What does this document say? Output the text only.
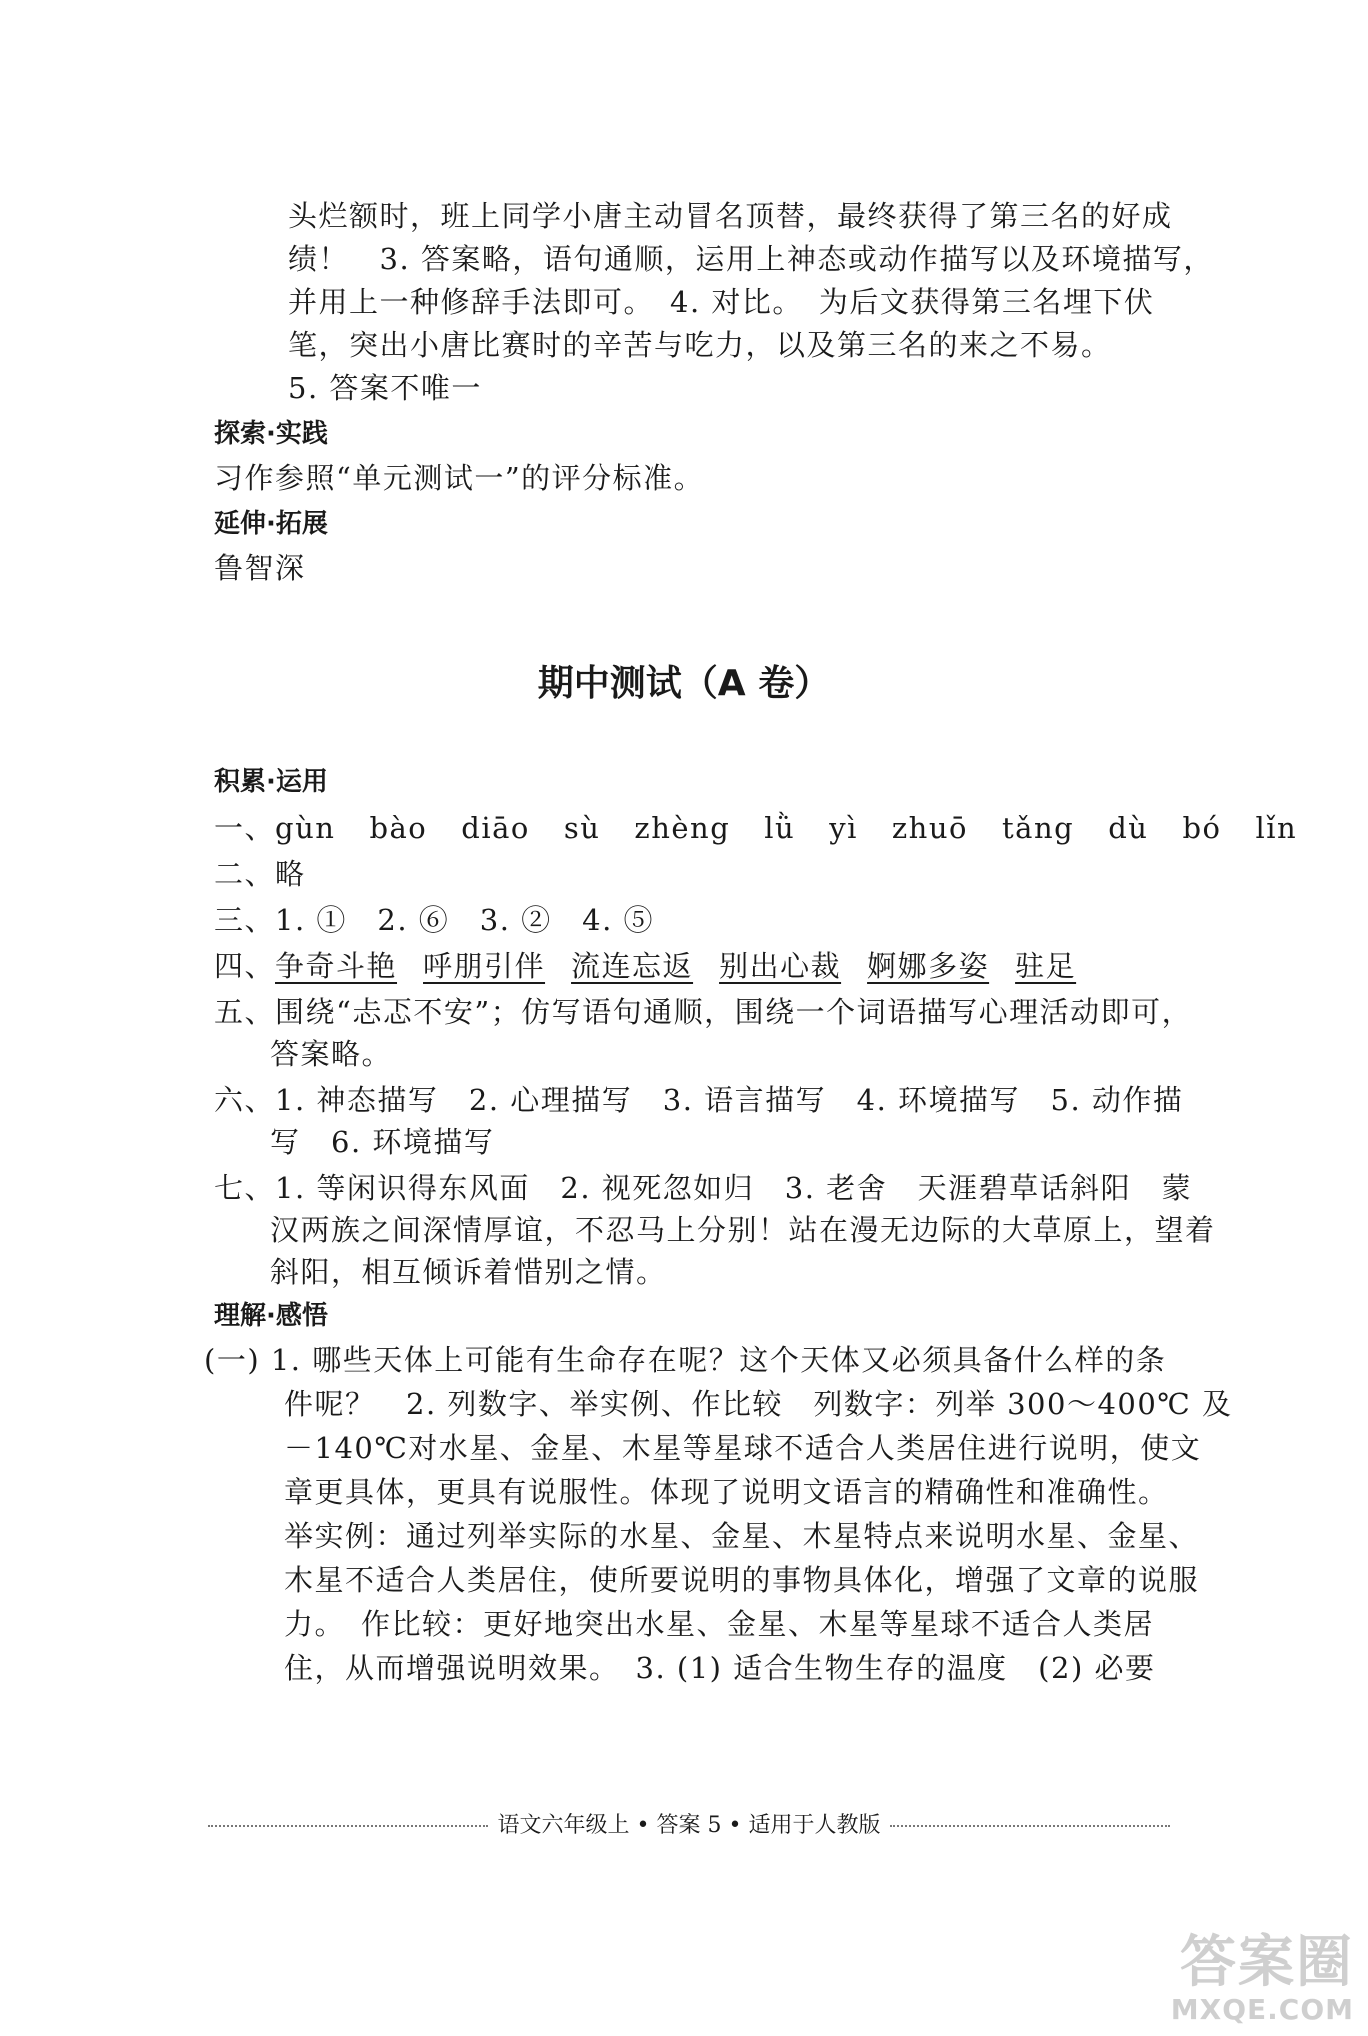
头烂额时，班上同学小唐主动冒名顶替，最终获得了第三名的好成
绩！　3. 答案略，语句通顺，运用上神态或动作描写以及环境描写，
并用上一种修辞手法即可。　4. 对比。　为后文获得第三名埋下伏
笔，突出小唐比赛时的辛苦与吃力，以及第三名的来之不易。
5. 答案不唯一
探索·实践
习作参照“单元测试一”的评分标准。
延伸·拓展
鲁智深
期中测试（A 卷）
积累·运用
一、gùn bào diāo sù zhèng lǜ yì zhuō tǎng dù bó lǐn
二、略
三、1. ①　2. ⑥　3. ②　4. ⑤
四、争奇斗艳 呼朋引伴 流连忘返 别出心裁 婀娜多姿 驻足
五、围绕“忐忑不安”；仿写语句通顺，围绕一个词语描写心理活动即可，
答案略。
六、1. 神态描写　2. 心理描写　3. 语言描写　4. 环境描写　5. 动作描
写　6. 环境描写
七、1. 等闲识得东风面　2. 视死忽如归　3. 老舍　天涯碧草话斜阳　蒙
汉两族之间深情厚谊，不忍马上分别！站在漫无边际的大草原上，望着
斜阳，相互倾诉着惜别之情。
理解·感悟
(一) 1. 哪些天体上可能有生命存在呢？这个天体又必须具备什么样的条
件呢？　2. 列数字、举实例、作比较　列数字：列举 300～400℃ 及
－140℃对水星、金星、木星等星球不适合人类居住进行说明，使文
章更具体，更具有说服性。体现了说明文语言的精确性和准确性。
举实例：通过列举实际的水星、金星、木星特点来说明水星、金星、
木星不适合人类居住，使所要说明的事物具体化，增强了文章的说服
力。　作比较：更好地突出水星、金星、木星等星球不适合人类居
住，从而增强说明效果。　3. (1) 适合生物生存的温度　(2) 必要
语文六年级上 • 答案 5 • 适用于人教版
答案圈
MXQE.COM
